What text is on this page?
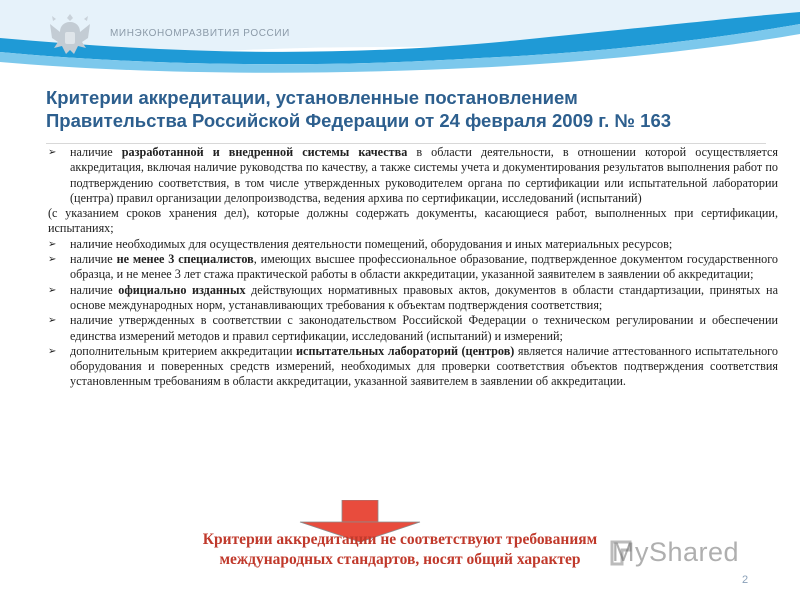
МИНЭКОНОМРАЗВИТИЯ РОССИИ
Критерии аккредитации, установленные постановлением
Правительства Российской Федерации от 24 февраля 2009 г. № 163
➢ наличие разработанной и внедренной системы качества в области деятельности, в отношении которой осуществляется аккредитация, включая наличие руководства по качеству, а также системы учета и документирования результатов выполнения работ по подтверждению соответствия, в том числе утвержденных руководителем органа по сертификации или испытательной лаборатории (центра) правил организации делопроизводства, ведения архива по сертификации, исследований (испытаний)
(с указанием сроков хранения дел), которые должны содержать документы, касающиеся работ, выполненных при сертификации, испытаниях;
➢ наличие необходимых для осуществления деятельности помещений, оборудования и иных материальных ресурсов;
➢ наличие не менее 3 специалистов, имеющих высшее профессиональное образование, подтвержденное документом государственного образца, и не менее 3 лет стажа практической работы в области аккредитации, указанной заявителем в заявлении об аккредитации;
➢ наличие официально изданных действующих нормативных правовых актов, документов в области стандартизации, принятых на основе международных норм, устанавливающих требования к объектам подтверждения соответствия;
➢ наличие утвержденных в соответствии с законодательством Российской Федерации о техническом регулировании и обеспечении единства измерений методов и правил сертификации, исследований (испытаний) и измерений;
➢ дополнительным критерием аккредитации испытательных лабораторий (центров) является наличие аттестованного испытательного оборудования и поверенных средств измерений, необходимых для проверки соответствия объектов подтверждения соответствия установленным требованиям в области аккредитации, указанной заявителем в заявлении об аккредитации.
Критерии аккредитации не соответствуют требованиям
международных стандартов, носят общий характер	MyShared
2
